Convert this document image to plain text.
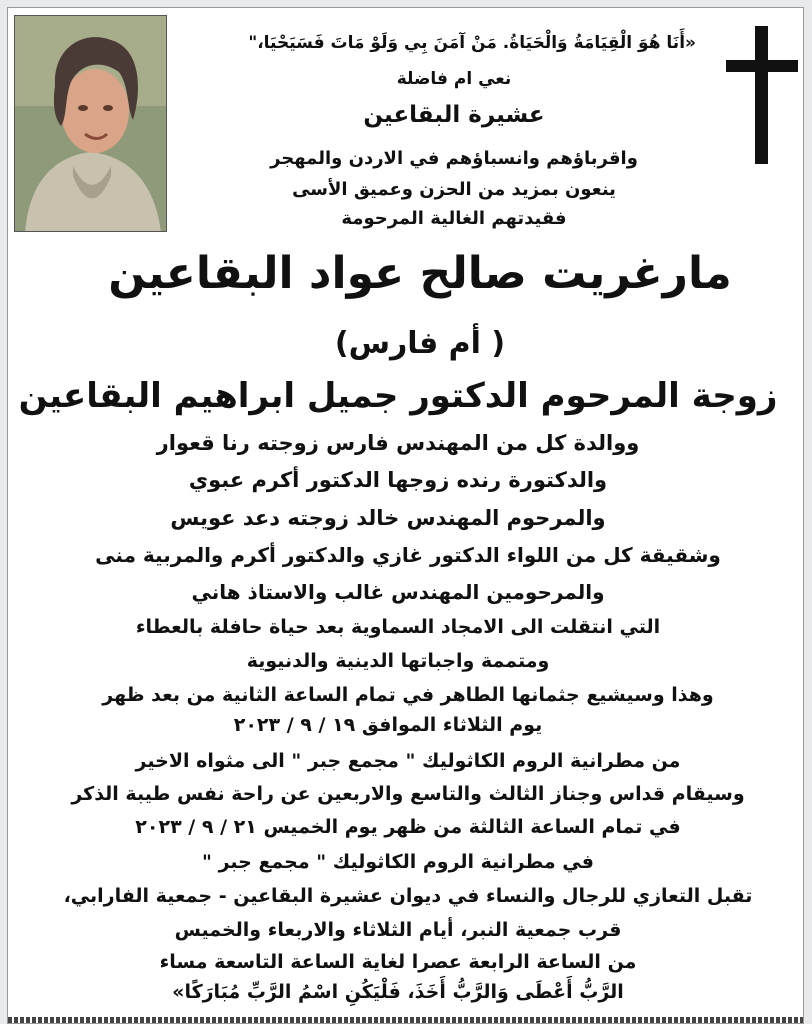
«أَنَا هُوَ الْقِيَامَةُ وَالْحَيَاةُ. مَنْ آمَنَ بِي وَلَوْ مَاتَ فَسَيَحْيَا،"
نعي ام فاضلة
عشيرة البقاعين
واقرباؤهم وانسباؤهم في الاردن والمهجر
ينعون بمزيد من الحزن وعميق الأسى
فقيدتهم الغالية المرحومة
مارغريت صالح عواد البقاعين
( أم فارس)
زوجة المرحوم الدكتور جميل ابراهيم البقاعين
ووالدة كل من المهندس فارس زوجته رنا قعوار
والدكتورة رنده زوجها الدكتور أكرم عبوي
والمرحوم المهندس خالد زوجته دعد عويس
وشقيقة كل من اللواء الدكتور غازي والدكتور أكرم والمربية منى
والمرحومين المهندس غالب والاستاذ هاني
التي انتقلت الى الامجاد السماوية بعد حياة حافلة بالعطاء
ومتممة واجباتها الدينية والدنيوية
وهذا وسيشيع جثمانها الطاهر في تمام الساعة الثانية من بعد ظهر
يوم الثلاثاء الموافق ١٩ / ٩ / ٢٠٢٣
من مطرانية الروم الكاثوليك " مجمع جبر " الى مثواه الاخير
وسيقام قداس وجناز الثالث والتاسع والاربعين عن راحة نفس طيبة الذكر
في تمام الساعة الثالثة من ظهر يوم الخميس ٢١ / ٩ / ٢٠٢٣
في مطرانية الروم الكاثوليك " مجمع جبر "
تقبل التعازي للرجال والنساء في ديوان عشيرة البقاعين - جمعية الفارابي،
قرب جمعية النبر، أيام الثلاثاء والاربعاء والخميس
من الساعة الرابعة عصرا لغاية الساعة التاسعة مساء
الرَّبُّ أَعْطَى وَالرَّبُّ أَخَذَ، فَلْيَكُنِ اسْمُ الرَّبِّ مُبَارَكًا»
